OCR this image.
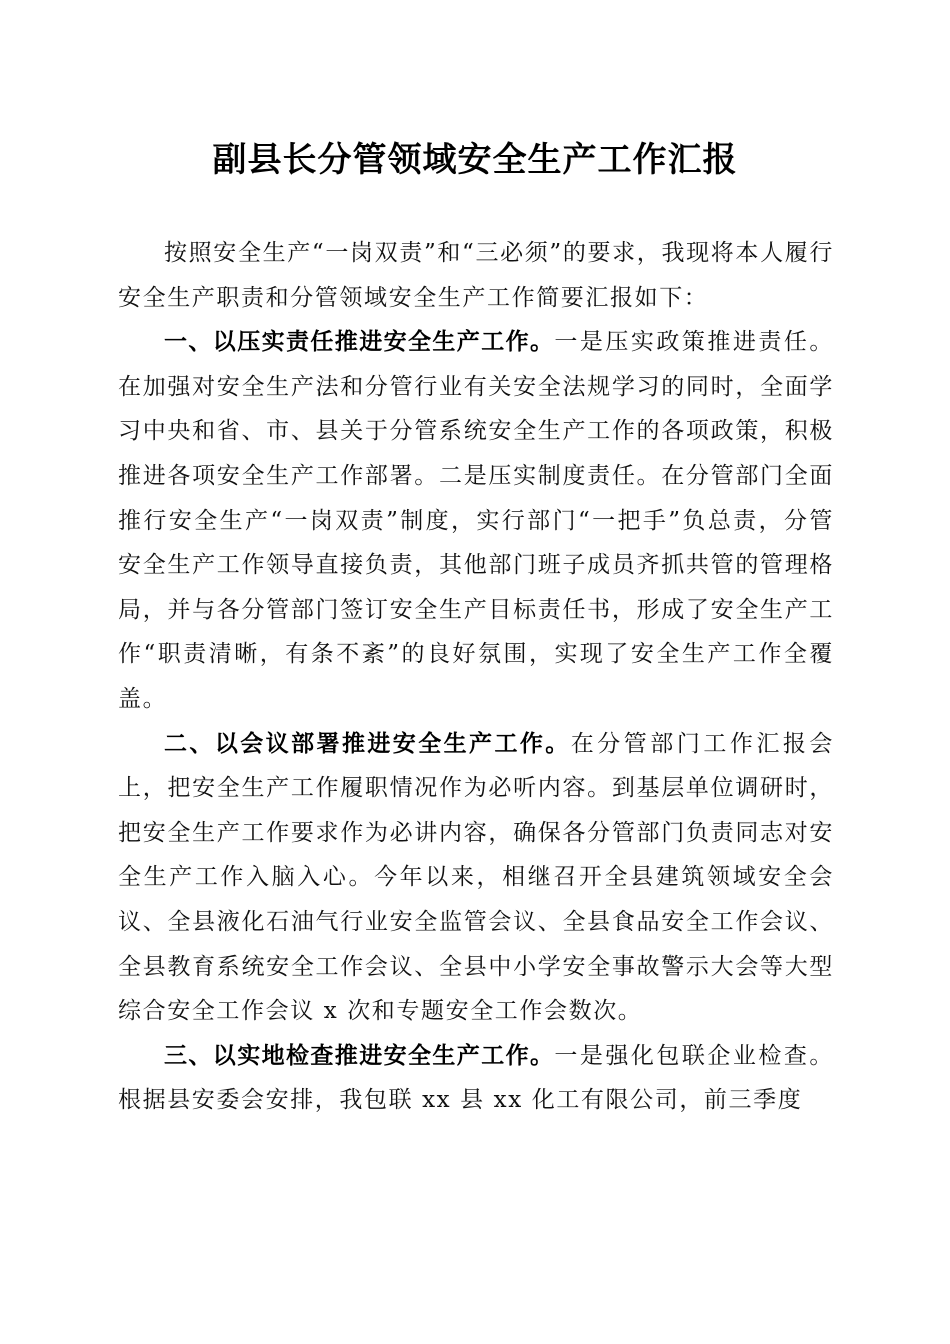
副县长分管领域安全生产工作汇报

按照安全生产“一岗双责”和“三必须”的要求，我现将本人履行安全生产职责和分管领域安全生产工作简要汇报如下：

一、以压实责任推进安全生产工作。一是压实政策推进责任。在加强对安全生产法和分管行业有关安全法规学习的同时，全面学习中央和省、市、县关于分管系统安全生产工作的各项政策，积极推进各项安全生产工作部署。二是压实制度责任。在分管部门全面推行安全生产“一岗双责”制度，实行部门“一把手”负总责，分管安全生产工作领导直接负责，其他部门班子成员齐抓共管的管理格局，并与各分管部门签订安全生产目标责任书，形成了安全生产工作“职责清晰，有条不紊”的良好氛围，实现了安全生产工作全覆盖。

二、以会议部署推进安全生产工作。在分管部门工作汇报会上，把安全生产工作履职情况作为必听内容。到基层单位调研时，把安全生产工作要求作为必讲内容，确保各分管部门负责同志对安全生产工作入脑入心。今年以来，相继召开全县建筑领域安全会议、全县液化石油气行业安全监管会议、全县食品安全工作会议、全县教育系统安全工作会议、全县中小学安全事故警示大会等大型综合安全工作会议 x 次和专题安全工作会数次。

三、以实地检查推进安全生产工作。一是强化包联企业检查。根据县安委会安排，我包联 xx 县 xx 化工有限公司，前三季度
